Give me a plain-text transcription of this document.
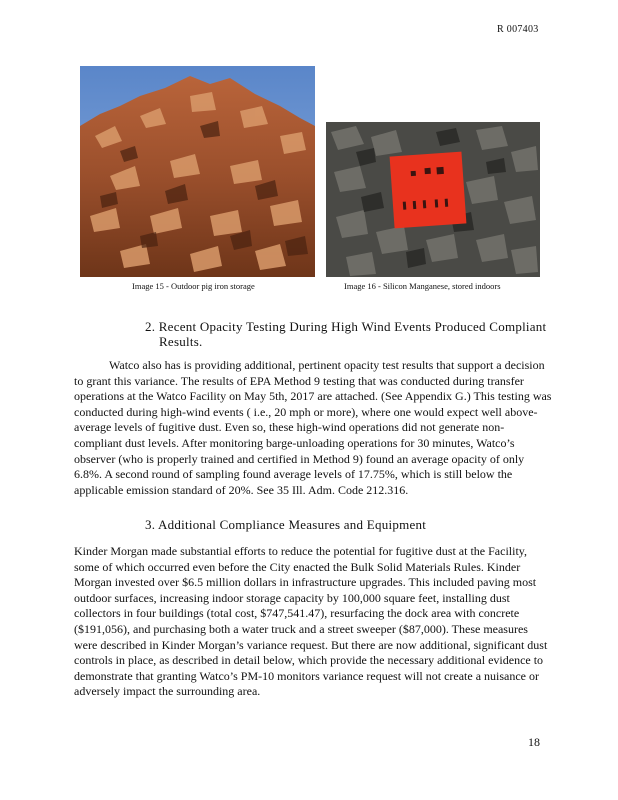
R 007403
Image 15 - Outdoor pig iron storage	Image 16 - Silicon Manganese, stored indoors
2. Recent Opacity Testing During High Wind Events Produced Compliant
Results.
Watco also has is providing additional, pertinent opacity test results that support a decision to grant this variance. The results of EPA Method 9 testing that was conducted during transfer operations at the Watco Facility on May 5th, 2017 are attached. (See Appendix G.) This testing was conducted during high-wind events ( i.e., 20 mph or more), where one would expect well above-average levels of fugitive dust. Even so, these high-wind operations did not generate non-compliant dust levels. After monitoring barge-unloading operations for 30 minutes, Watco’s observer (who is properly trained and certified in Method 9) found an average opacity of only 6.8%. A second round of sampling found average levels of 17.75%, which is still below the applicable emission standard of 20%. See 35 Ill. Adm. Code 212.316.
3. Additional Compliance Measures and Equipment
Kinder Morgan made substantial efforts to reduce the potential for fugitive dust at the Facility, some of which occurred even before the City enacted the Bulk Solid Materials Rules. Kinder Morgan invested over $6.5 million dollars in infrastructure upgrades. This included paving most outdoor surfaces, increasing indoor storage capacity by 100,000 square feet, installing dust collectors in four buildings (total cost, $747,541.47), resurfacing the dock area with concrete ($191,056), and purchasing both a water truck and a street sweeper ($87,000). These measures were described in Kinder Morgan’s variance request. But there are now additional, significant dust controls in place, as described in detail below, which provide the necessary additional evidence to demonstrate that granting Watco’s PM-10 monitors variance request will not create a nuisance or adversely impact the surrounding area.
18
